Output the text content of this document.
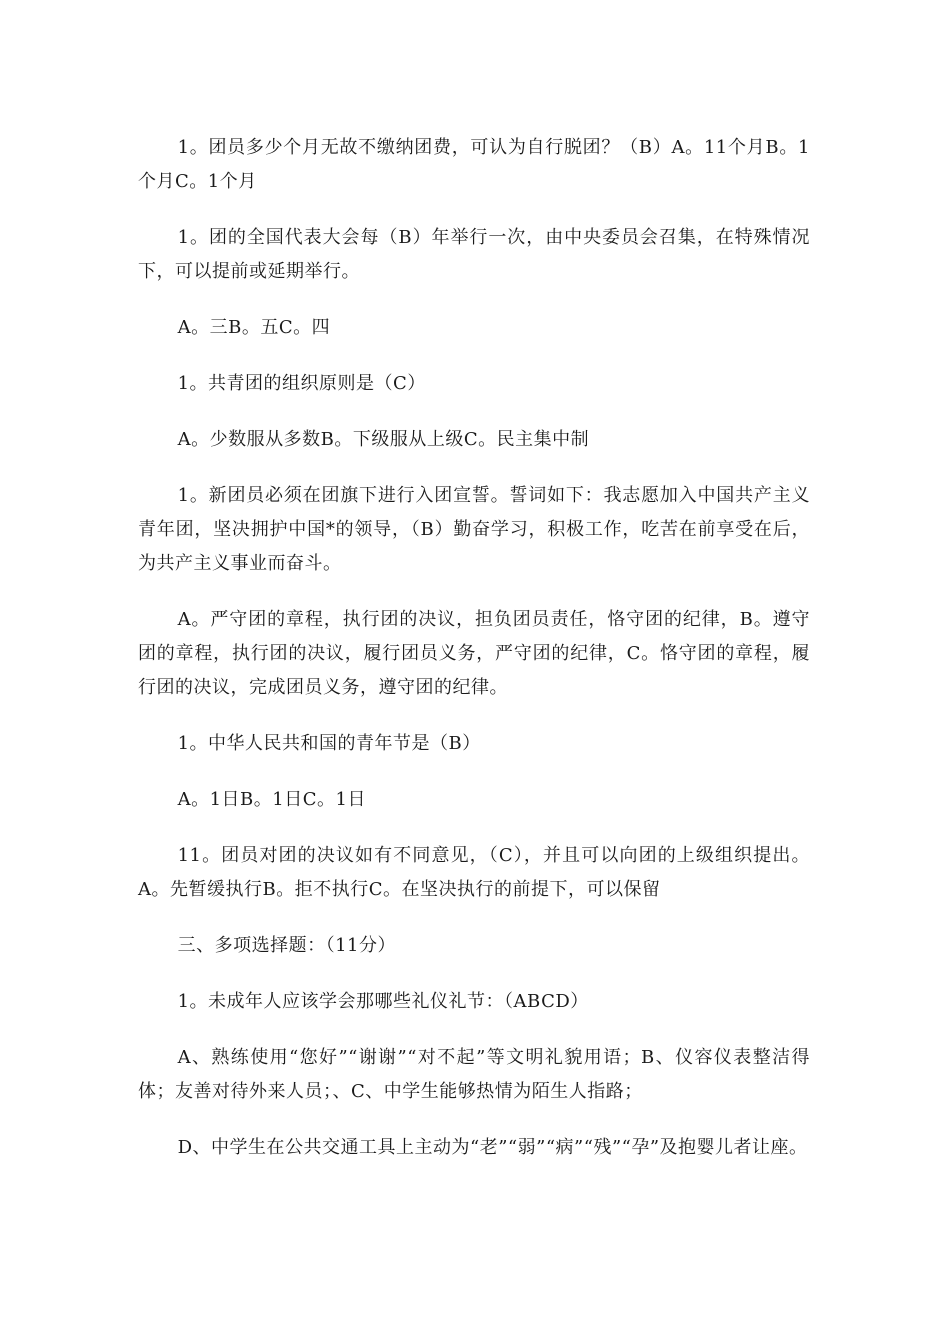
1。团员多少个月无故不缴纳团费，可认为自行脱团？（B）A。11个月B。1个月C。1个月

1。团的全国代表大会每（B）年举行一次，由中央委员会召集，在特殊情况下，可以提前或延期举行。

A。三B。五C。四

1。共青团的组织原则是（C）

A。少数服从多数B。下级服从上级C。民主集中制

1。新团员必须在团旗下进行入团宣誓。誓词如下：我志愿加入中国共产主义青年团，坚决拥护中国*的领导，（B）勤奋学习，积极工作，吃苦在前享受在后，为共产主义事业而奋斗。

A。严守团的章程，执行团的决议，担负团员责任，恪守团的纪律，B。遵守团的章程，执行团的决议，履行团员义务，严守团的纪律，C。恪守团的章程，履行团的决议，完成团员义务，遵守团的纪律。

1。中华人民共和国的青年节是（B）

A。1日B。1日C。1日

11。团员对团的决议如有不同意见，（C），并且可以向团的上级组织提出。A。先暂缓执行B。拒不执行C。在坚决执行的前提下，可以保留

三、多项选择题：（11分）

1。未成年人应该学会那哪些礼仪礼节：（ABCD）

A、熟练使用“您好”“谢谢”“对不起”等文明礼貌用语；B、仪容仪表整洁得体；友善对待外来人员；、C、中学生能够热情为陌生人指路；

D、中学生在公共交通工具上主动为“老”“弱”“病”“残”“孕”及抱婴儿者让座。
